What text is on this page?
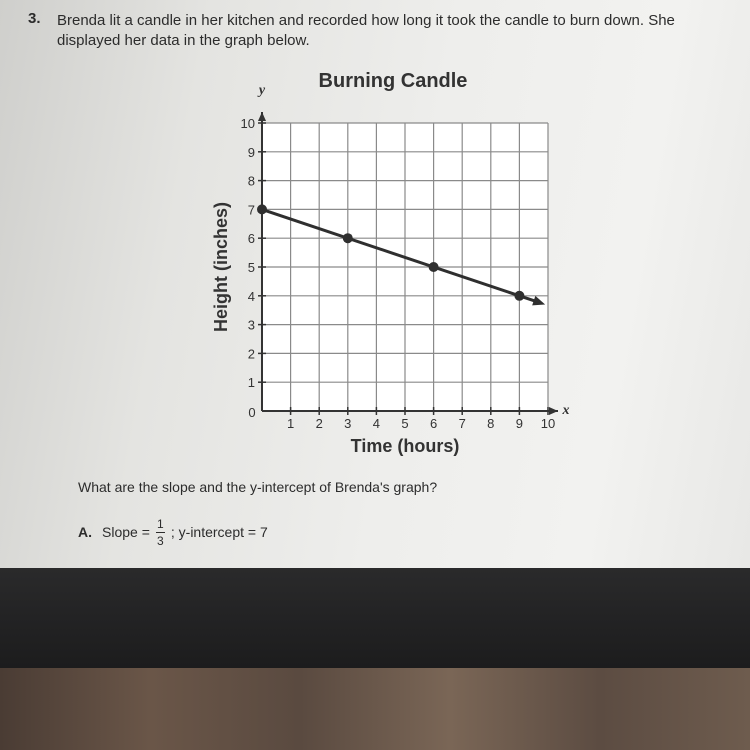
3. Brenda lit a candle in her kitchen and recorded how long it took the candle to burn down. She displayed her data in the graph below.
Burning Candle
y
x
Time (hours)
Height (inches)
0
1 2 3 4 5 6 7 8 9 10
1
2
3
4
5
6
7
8
9
10
What are the slope and the y-intercept of Brenda's graph?
A. Slope = $\frac{1}{3}$ ; y-intercept = 7
